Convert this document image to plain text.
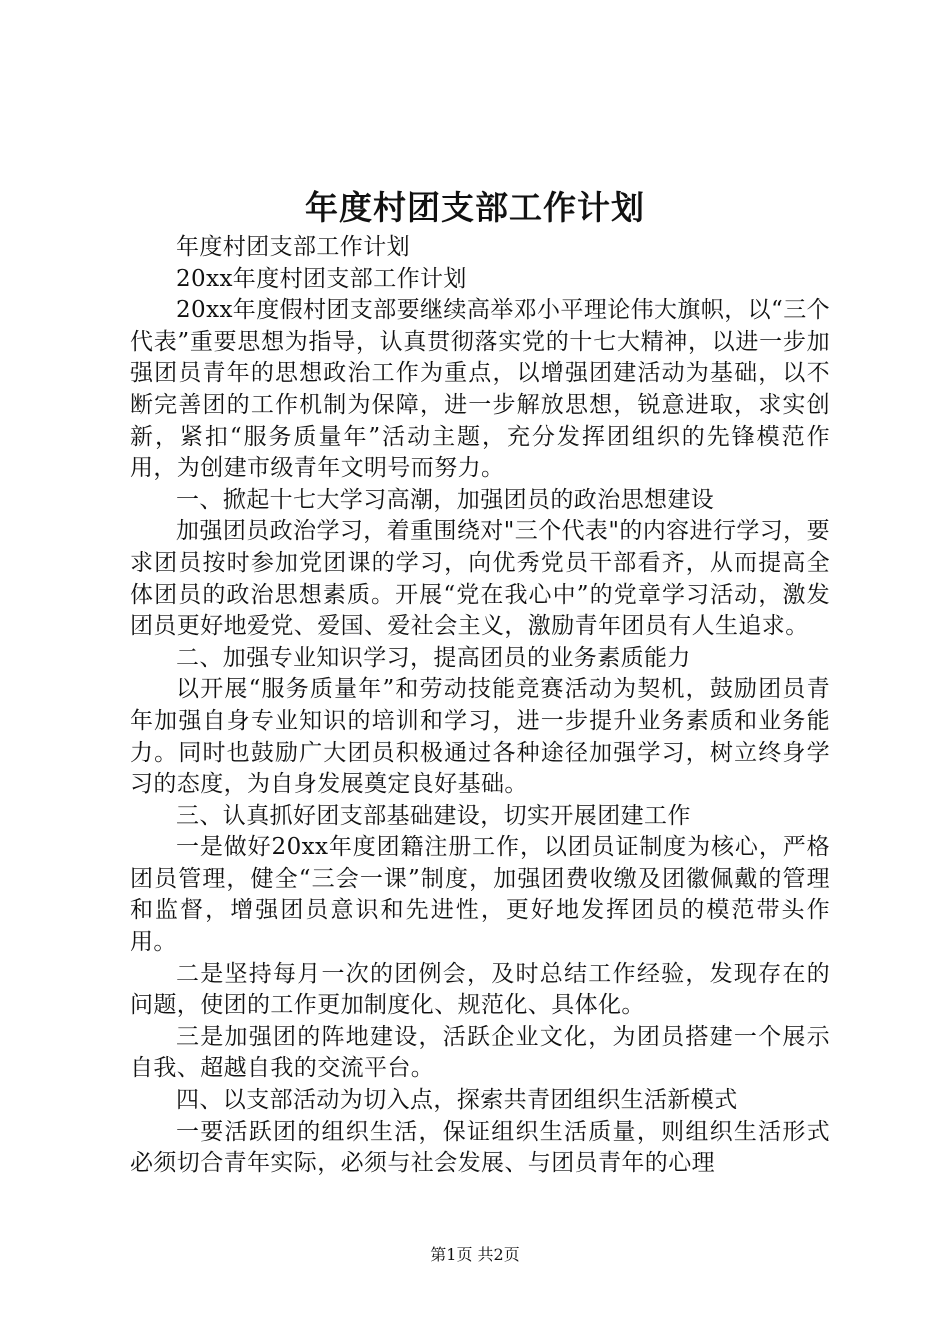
年度村团支部工作计划

年度村团支部工作计划

20xx年度村团支部工作计划

20xx年度假村团支部要继续高举邓小平理论伟大旗帜，以“三个代表”重要思想为指导，认真贯彻落实党的十七大精神，以进一步加强团员青年的思想政治工作为重点，以增强团建活动为基础，以不断完善团的工作机制为保障，进一步解放思想，锐意进取，求实创新，紧扣“服务质量年”活动主题，充分发挥团组织的先锋模范作用，为创建市级青年文明号而努力。

一、掀起十七大学习高潮，加强团员的政治思想建设

加强团员政治学习，着重围绕对"三个代表"的内容进行学习，要求团员按时参加党团课的学习，向优秀党员干部看齐，从而提高全体团员的政治思想素质。开展“党在我心中”的党章学习活动，激发团员更好地爱党、爱国、爱社会主义，激励青年团员有人生追求。

二、加强专业知识学习，提高团员的业务素质能力

以开展“服务质量年”和劳动技能竞赛活动为契机，鼓励团员青年加强自身专业知识的培训和学习，进一步提升业务素质和业务能力。同时也鼓励广大团员积极通过各种途径加强学习，树立终身学习的态度，为自身发展奠定良好基础。

三、认真抓好团支部基础建设，切实开展团建工作

一是做好20xx年度团籍注册工作，以团员证制度为核心，严格团员管理，健全“三会一课”制度，加强团费收缴及团徽佩戴的管理和监督，增强团员意识和先进性，更好地发挥团员的模范带头作用。

二是坚持每月一次的团例会，及时总结工作经验，发现存在的问题，使团的工作更加制度化、规范化、具体化。

三是加强团的阵地建设，活跃企业文化，为团员搭建一个展示自我、超越自我的交流平台。

四、以支部活动为切入点，探索共青团组织生活新模式

一要活跃团的组织生活，保证组织生活质量，则组织生活形式必须切合青年实际，必须与社会发展、与团员青年的心理

第1页 共2页
